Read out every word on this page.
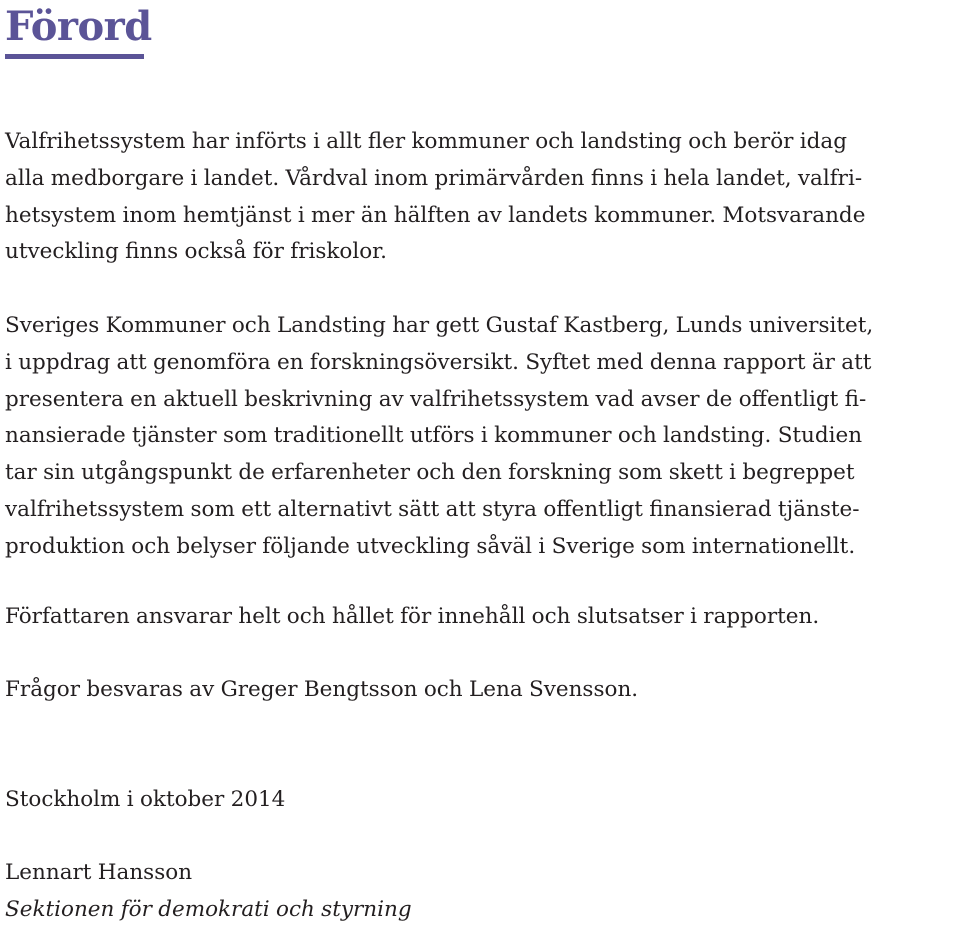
Förord

Valfrihetssystem har införts i allt fler kommuner och landsting och berör idag
alla medborgare i landet. Vårdval inom primärvården finns i hela landet, valfri-
hetsystem inom hemtjänst i mer än hälften av landets kommuner. Motsvarande
utveckling finns också för friskolor.

Sveriges Kommuner och Landsting har gett Gustaf Kastberg, Lunds universitet,
i uppdrag att genomföra en forskningsöversikt. Syftet med denna rapport är att
presentera en aktuell beskrivning av valfrihetssystem vad avser de offentligt fi-
nansierade tjänster som traditionellt utförs i kommuner och landsting. Studien
tar sin utgångspunkt de erfarenheter och den forskning som skett i begreppet
valfrihetssystem som ett alternativt sätt att styra offentligt finansierad tjänste-
produktion och belyser följande utveckling såväl i Sverige som internationellt.

Författaren ansvarar helt och hållet för innehåll och slutsatser i rapporten.

Frågor besvaras av Greger Bengtsson och Lena Svensson.

Stockholm i oktober 2014

Lennart Hansson

Sektionen för demokrati och styrning
